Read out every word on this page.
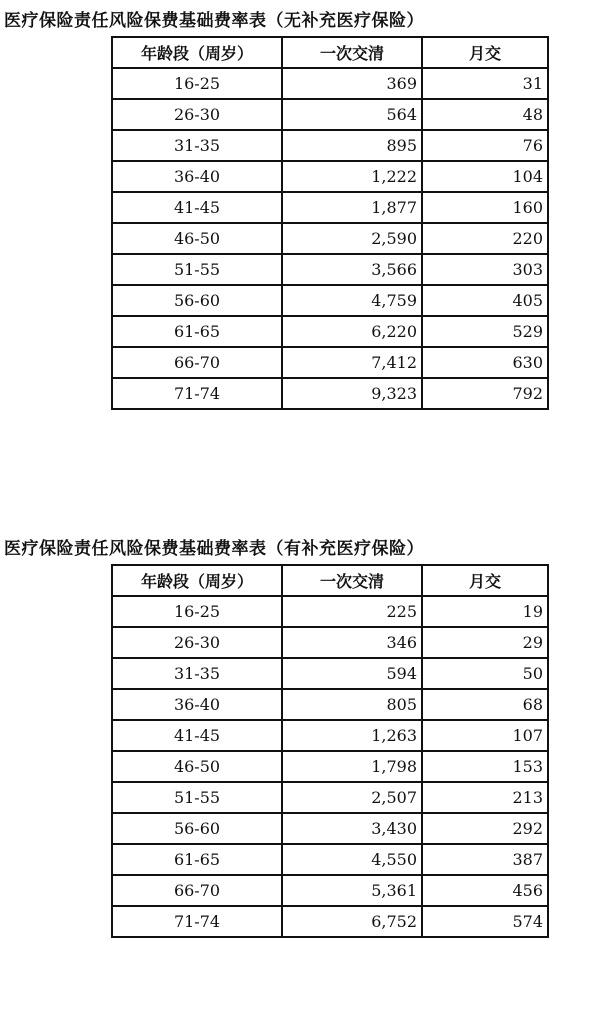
医疗保险责任风险保费基础费率表（无补充医疗保险）
年龄段（周岁）	一次交清	月交
16-25	369	31
26-30	564	48
31-35	895	76
36-40	1,222	104
41-45	1,877	160
46-50	2,590	220
51-55	3,566	303
56-60	4,759	405
61-65	6,220	529
66-70	7,412	630
71-74	9,323	792
医疗保险责任风险保费基础费率表（有补充医疗保险）
年龄段（周岁）	一次交清	月交
16-25	225	19
26-30	346	29
31-35	594	50
36-40	805	68
41-45	1,263	107
46-50	1,798	153
51-55	2,507	213
56-60	3,430	292
61-65	4,550	387
66-70	5,361	456
71-74	6,752	574
